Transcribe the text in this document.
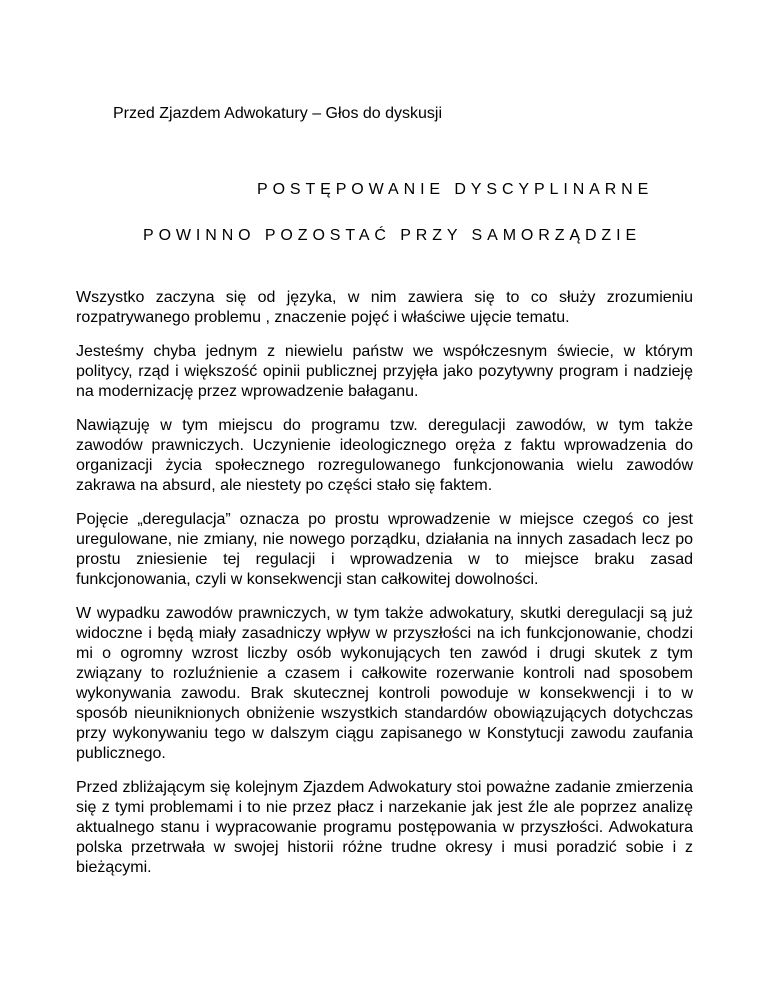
Przed Zjazdem Adwokatury – Głos do dyskusji
POSTĘPOWANIE DYSCYPLINARNE
POWINNO POZOSTAĆ PRZY SAMORZĄDZIE

Wszystko zaczyna się od języka, w nim zawiera się to co służy zrozumieniu rozpatrywanego problemu , znaczenie pojęć i właściwe ujęcie tematu.

Jesteśmy chyba jednym z niewielu państw we współczesnym świecie, w którym politycy, rząd i większość opinii publicznej przyjęła jako pozytywny program i nadzieję na modernizację przez wprowadzenie bałaganu.

Nawiązuję w tym miejscu do programu tzw. deregulacji zawodów, w tym także zawodów prawniczych. Uczynienie ideologicznego oręża z faktu wprowadzenia do organizacji życia społecznego rozregulowanego funkcjonowania wielu zawodów zakrawa na absurd, ale niestety po części stało się faktem.

Pojęcie „deregulacja” oznacza po prostu wprowadzenie w miejsce czegoś co jest uregulowane, nie zmiany, nie nowego porządku, działania na innych zasadach lecz po prostu zniesienie tej regulacji i wprowadzenia w to miejsce braku zasad funkcjonowania, czyli w konsekwencji stan całkowitej dowolności.

W wypadku zawodów prawniczych, w tym także adwokatury, skutki deregulacji są już widoczne i będą miały zasadniczy wpływ w przyszłości na ich funkcjonowanie, chodzi mi o ogromny wzrost liczby osób wykonujących ten zawód i drugi skutek z tym związany to rozluźnienie a czasem i całkowite rozerwanie kontroli nad sposobem wykonywania zawodu. Brak skutecznej kontroli powoduje w konsekwencji i to w sposób nieuniknionych obniżenie wszystkich standardów obowiązujących dotychczas przy wykonywaniu tego w dalszym ciągu zapisanego w Konstytucji zawodu zaufania publicznego.

Przed zbliżającym się kolejnym Zjazdem Adwokatury stoi poważne zadanie zmierzenia się z tymi problemami i to nie przez płacz i narzekanie jak jest źle ale poprzez analizę aktualnego stanu i wypracowanie programu postępowania w przyszłości. Adwokatura polska przetrwała w swojej historii różne trudne okresy i musi poradzić sobie i z bieżącymi.
